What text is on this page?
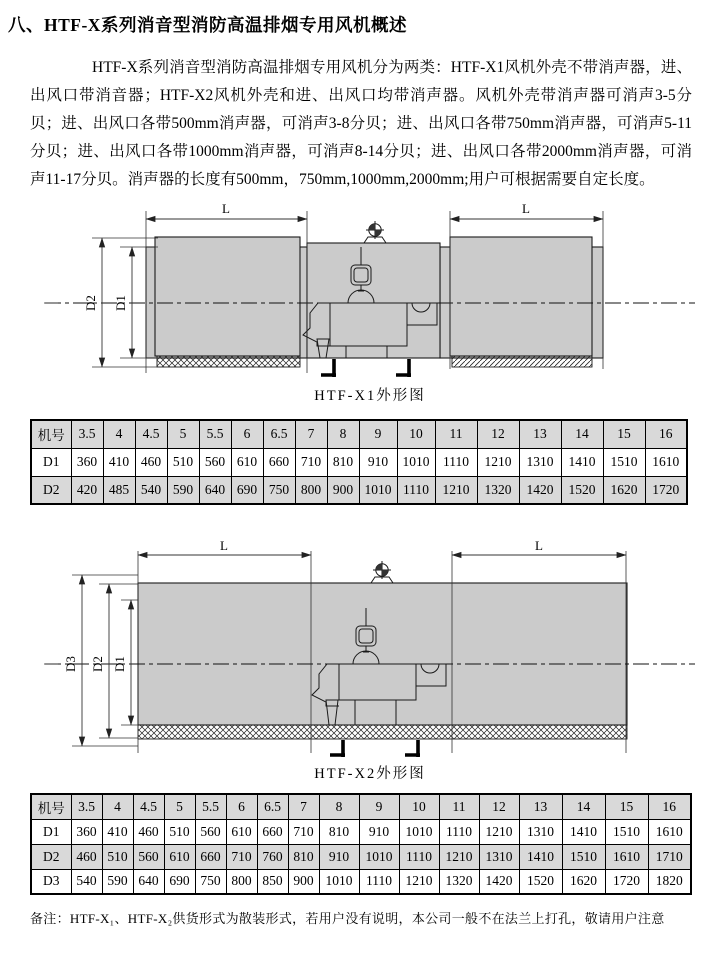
八、HTF-X系列消音型消防高温排烟专用风机概述

HTF-X系列消音型消防高温排烟专用风机分为两类：HTF-X1风机外壳不带消声器，进、出风口带消音器；HTF-X2风机外壳和进、出风口均带消声器。风机外壳带消声器可消声3-5分贝；进、出风口各带500mm消声器，可消声3-8分贝；进、出风口各带750mm消声器，可消声5-11分贝；进、出风口各带1000mm消声器，可消声8-14分贝；进、出风口各带2000mm消声器，可消声11-17分贝。消声器的长度有500mm，750mm,1000mm,2000mm;用户可根据需要自定长度。

L	L
D2 D1
HTF-X1外形图
机号	3.5	4	4.5	5	5.5	6	6.5	7	8	9	10	11	12	13	14	15	16
D1	360	410	460	510	560	610	660	710	810	910	1010	1110	1210	1310	1410	1510	1610
D2	420	485	540	590	640	690	750	800	900	1010	1110	1210	1320	1420	1520	1620	1720
L	L
D3 D2 D1
HTF-X2外形图
机号	3.5	4	4.5	5	5.5	6	6.5	7	8	9	10	11	12	13	14	15	16
D1	360	410	460	510	560	610	660	710	810	910	1010	1110	1210	1310	1410	1510	1610
D2	460	510	560	610	660	710	760	810	910	1010	1110	1210	1310	1410	1510	1610	1710
D3	540	590	640	690	750	800	850	900	1010	1110	1210	1320	1420	1520	1620	1720	1820
备注：HTF-X₁、HTF-X₂供货形式为散装形式，若用户没有说明，本公司一般不在法兰上打孔，敬请用户注意
